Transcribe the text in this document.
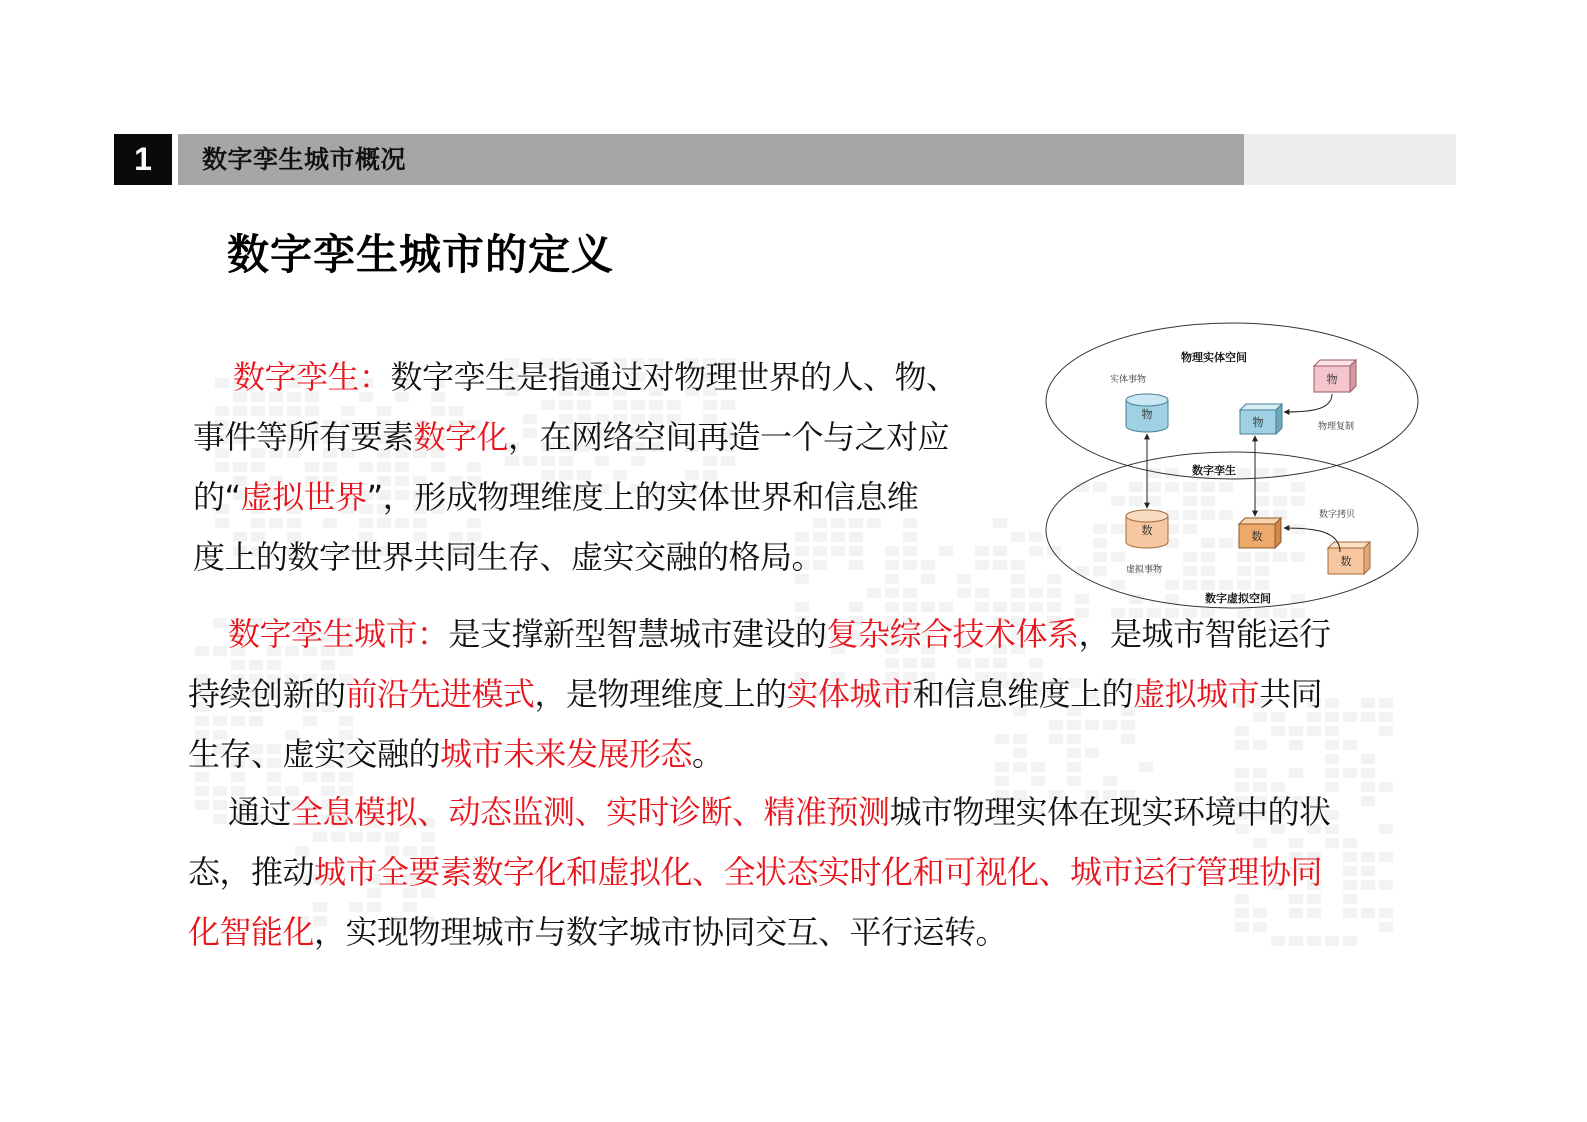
1	数字孪生城市概况
数字孪生城市的定义
数字孪生：数字孪生是指通过对物理世界的人、物、
事件等所有要素数字化，在网络空间再造一个与之对应
的“虚拟世界”，形成物理维度上的实体世界和信息维
度上的数字世界共同生存、虚实交融的格局。
数字孪生城市：是支撑新型智慧城市建设的复杂综合技术体系，是城市智能运行
持续创新的前沿先进模式，是物理维度上的实体城市和信息维度上的虚拟城市共同
生存、虚实交融的城市未来发展形态。
通过全息模拟、动态监测、实时诊断、精准预测城市物理实体在现实环境中的状
态，推动城市全要素数字化和虚拟化、全状态实时化和可视化、城市运行管理协同
化智能化，实现物理城市与数字城市协同交互、平行运转。
物理实体空间
实体事物
物理复制
数字孪生
数字拷贝
虚拟事物
数字虚拟空间
物
物
物
数	数
数
